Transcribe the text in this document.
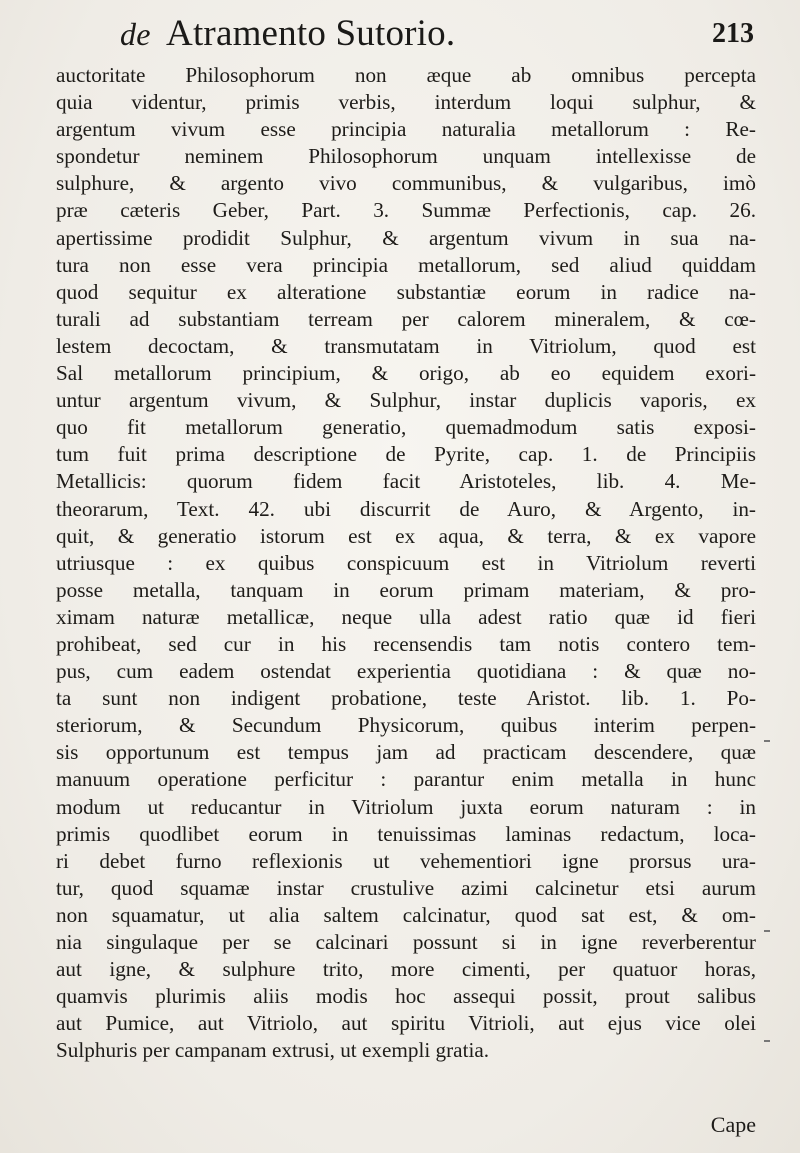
de Atramento Sutorio.	213
auctoritate Philosophorum non æque ab omnibus percepta
quia videntur, primis verbis, interdum loqui sulphur, &
argentum vivum esse principia naturalia metallorum : Re-
spondetur neminem Philosophorum unquam intellexisse de
sulphure, & argento vivo communibus, & vulgaribus, imò
præ cæteris Geber, Part. 3. Summæ Perfectionis, cap. 26.
apertissime prodidit Sulphur, & argentum vivum in sua na-
tura non esse vera principia metallorum, sed aliud quiddam
quod sequitur ex alteratione substantiæ eorum in radice na-
turali ad substantiam terream per calorem mineralem, & cœ-
lestem decoctam, & transmutatam in Vitriolum, quod est
Sal metallorum principium, & origo, ab eo equidem exori-
untur argentum vivum, & Sulphur, instar duplicis vaporis, ex
quo fit metallorum generatio, quemadmodum satis exposi-
tum fuit prima descriptione de Pyrite, cap. 1. de Principiis
Metallicis: quorum fidem facit Aristoteles, lib. 4. Me-
theorarum, Text. 42. ubi discurrit de Auro, & Argento, in-
quit, & generatio istorum est ex aqua, & terra, & ex vapore
utriusque : ex quibus conspicuum est in Vitriolum reverti
posse metalla, tanquam in eorum primam materiam, & pro-
ximam naturæ metallicæ, neque ulla adest ratio quæ id fieri
prohibeat, sed cur in his recensendis tam notis contero tem-
pus, cum eadem ostendat experientia quotidiana : & quæ no-
ta sunt non indigent probatione, teste Aristot. lib. 1. Po-
steriorum, & Secundum Physicorum, quibus interim perpen-
sis opportunum est tempus jam ad practicam descendere, quæ
manuum operatione perficitur : parantur enim metalla in hunc
modum ut reducantur in Vitriolum juxta eorum naturam : in
primis quodlibet eorum in tenuissimas laminas redactum, loca-
ri debet furno reflexionis ut vehementiori igne prorsus ura-
tur, quod squamæ instar crustulive azimi calcinetur etsi aurum
non squamatur, ut alia saltem calcinatur, quod sat est, & om-
nia singulaque per se calcinari possunt si in igne reverberentur
aut igne, & sulphure trito, more cimenti, per quatuor horas,
quamvis plurimis aliis modis hoc assequi possit, prout salibus
aut Pumice, aut Vitriolo, aut spiritu Vitrioli, aut ejus vice olei
Sulphuris per campanam extrusi, ut exempli gratia.
Cape
